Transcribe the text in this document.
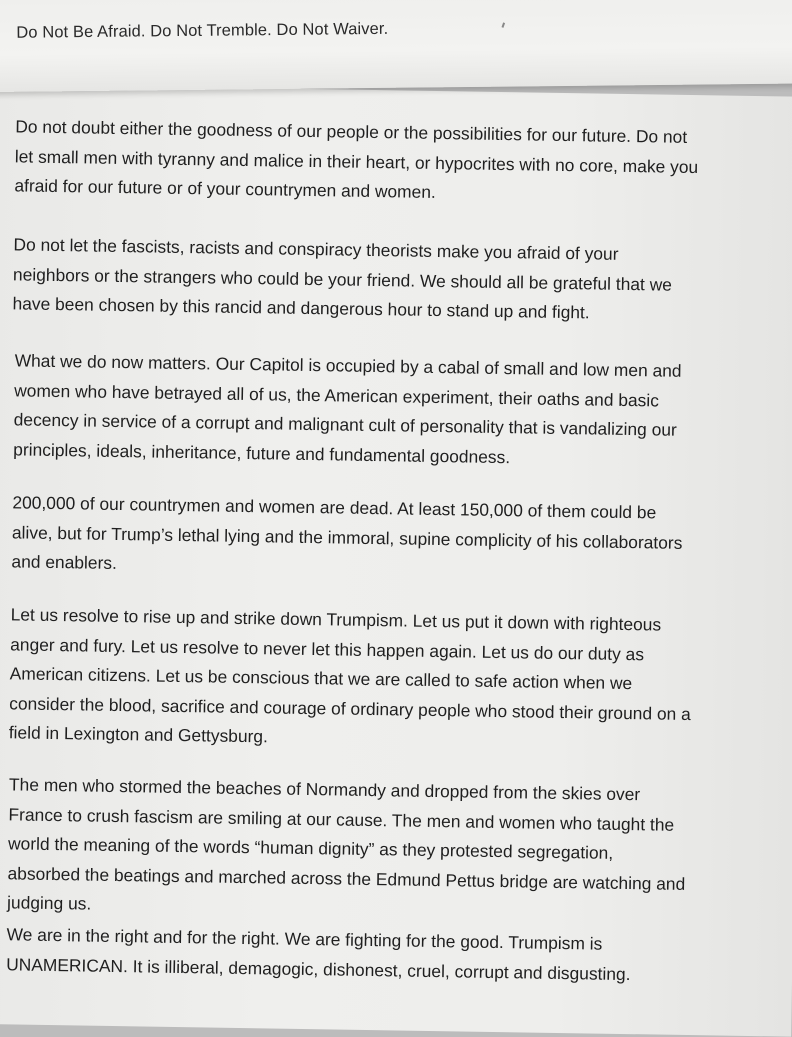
Do Not Be Afraid. Do Not Tremble. Do Not Waiver.

Do not doubt either the goodness of our people or the possibilities for our future. Do not
let small men with tyranny and malice in their heart, or hypocrites with no core, make you
afraid for our future or of your countrymen and women.

Do not let the fascists, racists and conspiracy theorists make you afraid of your
neighbors or the strangers who could be your friend. We should all be grateful that we
have been chosen by this rancid and dangerous hour to stand up and fight.

What we do now matters. Our Capitol is occupied by a cabal of small and low men and
women who have betrayed all of us, the American experiment, their oaths and basic
decency in service of a corrupt and malignant cult of personality that is vandalizing our
principles, ideals, inheritance, future and fundamental goodness.

200,000 of our countrymen and women are dead. At least 150,000 of them could be
alive, but for Trump’s lethal lying and the immoral, supine complicity of his collaborators
and enablers.

Let us resolve to rise up and strike down Trumpism. Let us put it down with righteous
anger and fury. Let us resolve to never let this happen again. Let us do our duty as
American citizens. Let us be conscious that we are called to safe action when we
consider the blood, sacrifice and courage of ordinary people who stood their ground on a
field in Lexington and Gettysburg.

The men who stormed the beaches of Normandy and dropped from the skies over
France to crush fascism are smiling at our cause. The men and women who taught the
world the meaning of the words “human dignity” as they protested segregation,
absorbed the beatings and marched across the Edmund Pettus bridge are watching and
judging us.

We are in the right and for the right. We are fighting for the good. Trumpism is
UNAMERICAN. It is illiberal, demagogic, dishonest, cruel, corrupt and disgusting.
